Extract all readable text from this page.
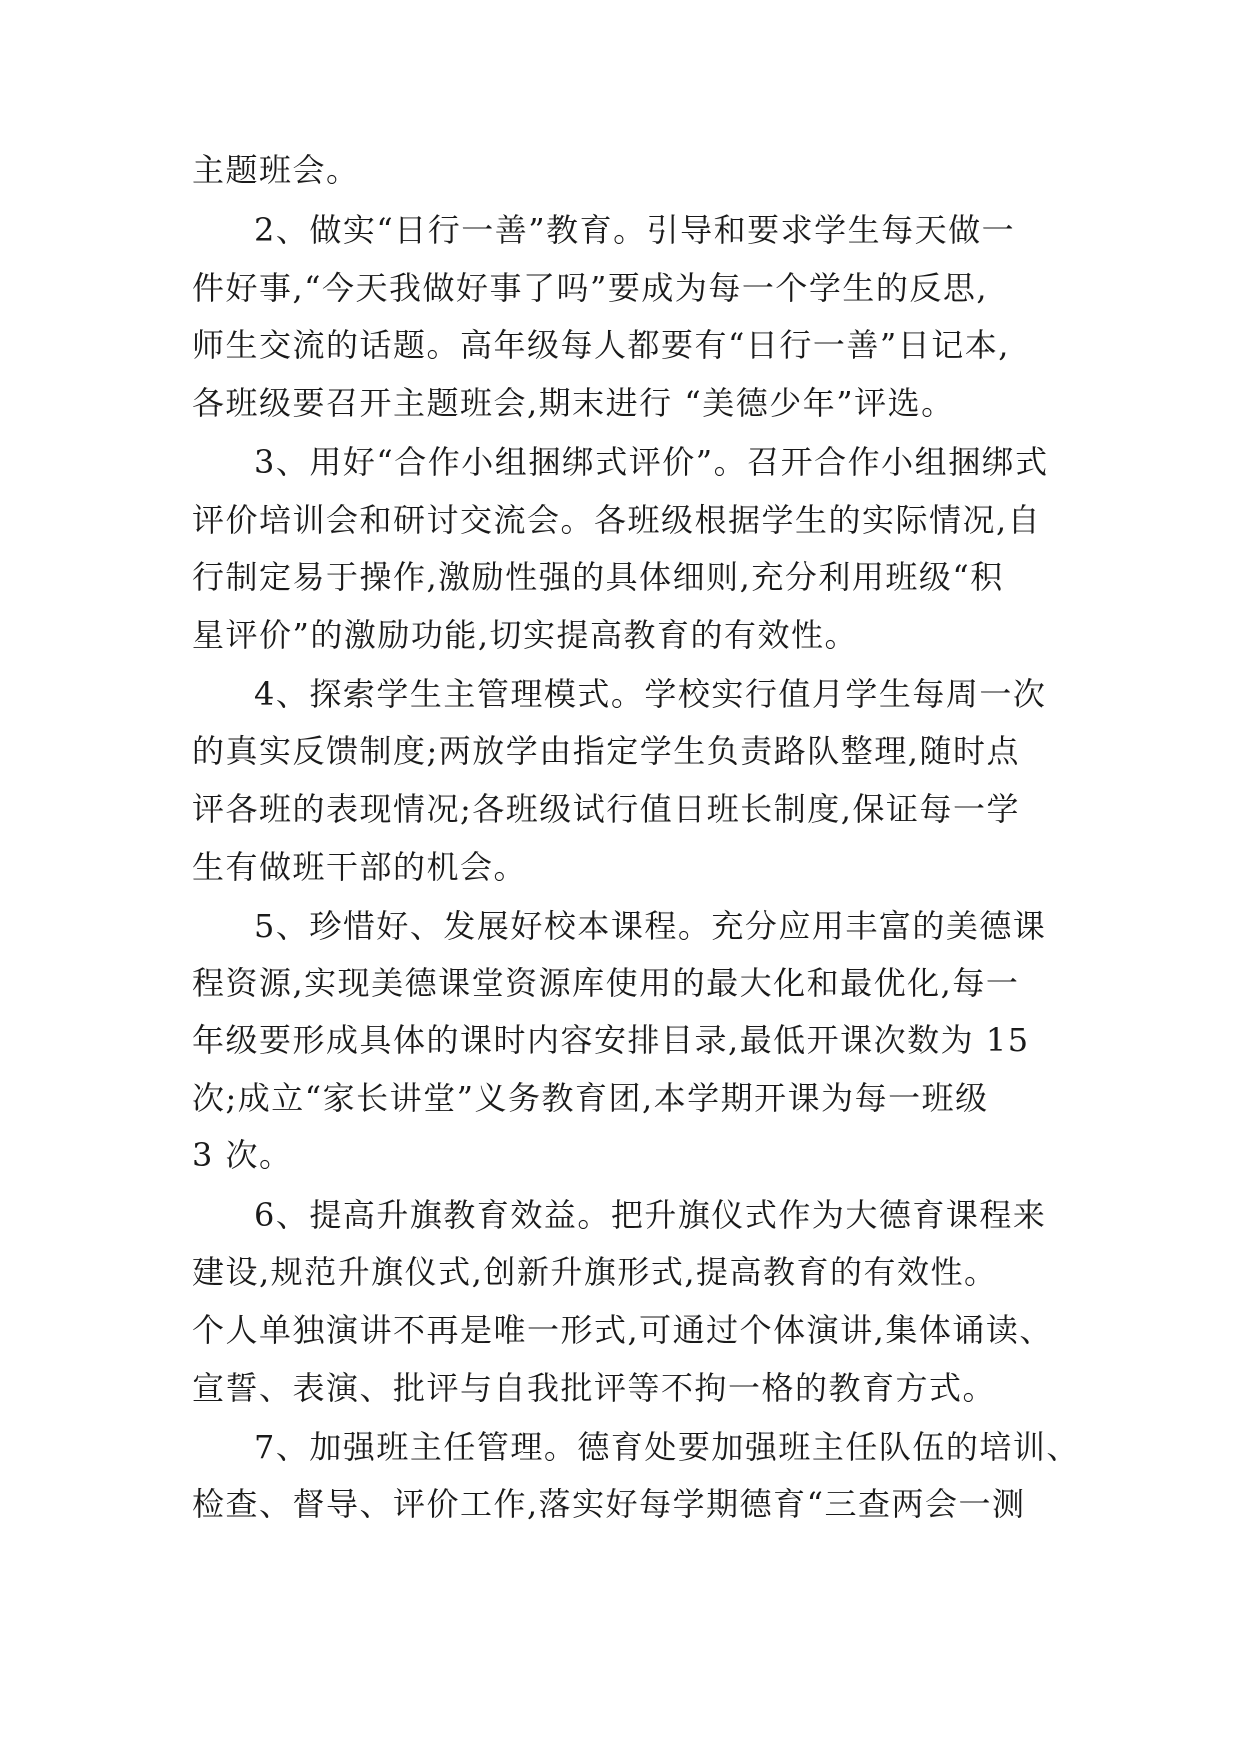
主题班会。
2、做实“日行一善”教育。引导和要求学生每天做一
件好事,“今天我做好事了吗”要成为每一个学生的反思,
师生交流的话题。高年级每人都要有“日行一善”日记本,
各班级要召开主题班会,期末进行 “美德少年”评选。
3、用好“合作小组捆绑式评价”。召开合作小组捆绑式
评价培训会和研讨交流会。各班级根据学生的实际情况,自
行制定易于操作,激励性强的具体细则,充分利用班级“积
星评价”的激励功能,切实提高教育的有效性。
4、探索学生主管理模式。学校实行值月学生每周一次
的真实反馈制度;两放学由指定学生负责路队整理,随时点
评各班的表现情况;各班级试行值日班长制度,保证每一学
生有做班干部的机会。
5、珍惜好、发展好校本课程。充分应用丰富的美德课
程资源,实现美德课堂资源库使用的最大化和最优化,每一
年级要形成具体的课时内容安排目录,最低开课次数为 15
次;成立“家长讲堂”义务教育团,本学期开课为每一班级
3 次。
6、提高升旗教育效益。把升旗仪式作为大德育课程来
建设,规范升旗仪式,创新升旗形式,提高教育的有效性。
个人单独演讲不再是唯一形式,可通过个体演讲,集体诵读、
宣誓、表演、批评与自我批评等不拘一格的教育方式。
7、加强班主任管理。德育处要加强班主任队伍的培训、
检查、督导、评价工作,落实好每学期德育“三查两会一测
